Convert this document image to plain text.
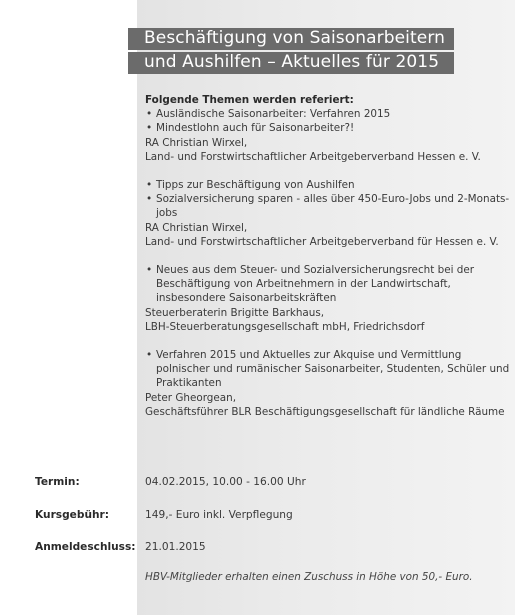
Beschäftigung von Saisonarbeitern
und Aushilfen – Aktuelles für 2015
Folgende Themen werden referiert:
• Ausländische Saisonarbeiter: Verfahren 2015
• Mindestlohn auch für Saisonarbeiter?!
RA Christian Wirxel,
Land- und Forstwirtschaftlicher Arbeitgeberverband Hessen e. V.
• Tipps zur Beschäftigung von Aushilfen
• Sozialversicherung sparen - alles über 450-Euro-Jobs und 2-Monats-jobs
RA Christian Wirxel,
Land- und Forstwirtschaftlicher Arbeitgeberverband für Hessen e. V.
• Neues aus dem Steuer- und Sozialversicherungsrecht bei der Beschäftigung von Arbeitnehmern in der Landwirtschaft, insbesondere Saisonarbeitskräften
Steuerberaterin Brigitte Barkhaus,
LBH-Steuerberatungsgesellschaft mbH, Friedrichsdorf
• Verfahren 2015 und Aktuelles zur Akquise und Vermittlung polnischer und rumänischer Saisonarbeiter, Studenten, Schüler und Praktikanten
Peter Gheorgean,
Geschäftsführer BLR Beschäftigungsgesellschaft für ländliche Räume
Termin:	04.02.2015, 10.00 - 16.00 Uhr
Kursgebühr:	149,- Euro inkl. Verpflegung
Anmeldeschluss: 21.01.2015
HBV-Mitglieder erhalten einen Zuschuss in Höhe von 50,- Euro.
